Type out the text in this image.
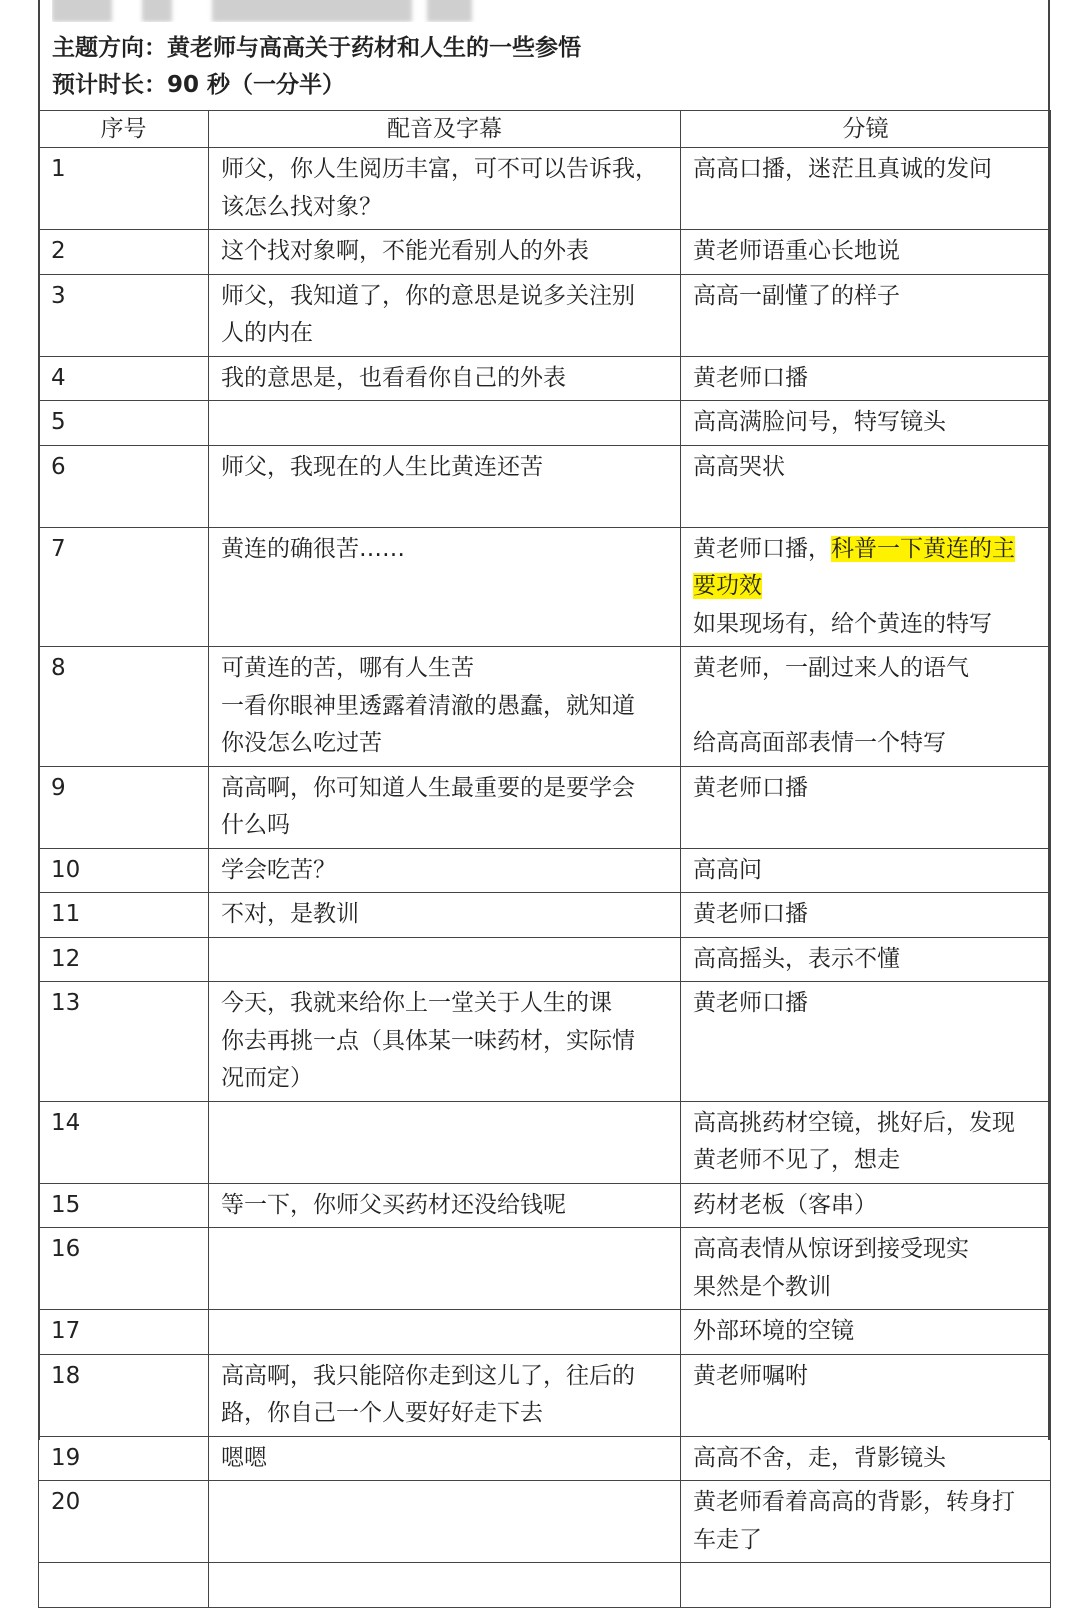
主题方向：黄老师与高高关于药材和人生的一些参悟
预计时长：90 秒（一分半）
序号	配音及字幕	分镜
1	师父，你人生阅历丰富，可不可以告诉我，
该怎么找对象？	高高口播，迷茫且真诚的发问

2	这个找对象啊，不能光看别人的外表	黄老师语重心长地说

3	师父，我知道了，你的意思是说多关注别
人的内在	高高一副懂了的样子

4	我的意思是，也看看你自己的外表	黄老师口播

5		高高满脸问号，特写镜头

6	师父，我现在的人生比黄连还苦	高高哭状

7	黄连的确很苦……	黄老师口播，科普一下黄连的主
要功效
如果现场有，给个黄连的特写

8	可黄连的苦，哪有人生苦
一看你眼神里透露着清澈的愚蠢，就知道
你没怎么吃过苦	黄老师，一副过来人的语气
给高高面部表情一个特写

9	高高啊，你可知道人生最重要的是要学会
什么吗	黄老师口播

10	学会吃苦？	高高问

11	不对，是教训	黄老师口播

12		高高摇头，表示不懂

13	今天，我就来给你上一堂关于人生的课
你去再挑一点（具体某一味药材，实际情
况而定）	黄老师口播

14		高高挑药材空镜，挑好后，发现
黄老师不见了，想走

15	等一下，你师父买药材还没给钱呢	药材老板（客串）

16		高高表情从惊讶到接受现实
果然是个教训

17		外部环境的空镜

18	高高啊，我只能陪你走到这儿了，往后的
路，你自己一个人要好好走下去	黄老师嘱咐

19	嗯嗯	高高不舍，走，背影镜头

20		黄老师看着高高的背影，转身打
车走了
